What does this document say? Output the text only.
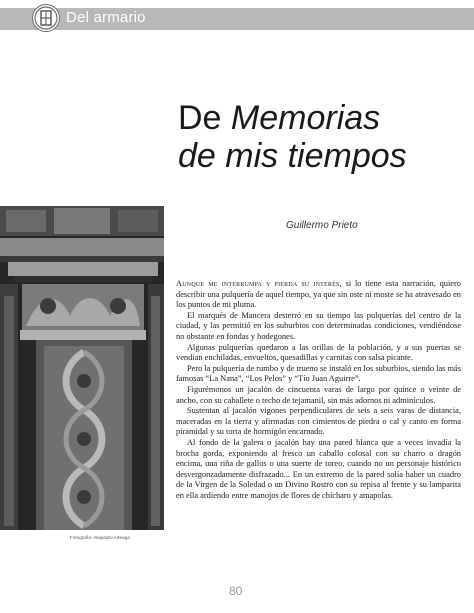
Del armario
De Memorias
de mis tiempos
Guillermo Prieto
Fotografía: Alejandro Arteaga

Aunque me interrumpa y pierda su interés, si lo tiene esta narración, quiero describir una pulquería de aquel tiempo, ya que sin oste ni moste se ha atravesado en los puntos de mi pluma.

El marqués de Mancera desterró en su tiempo las pulquerías del centro de la ciudad, y las permitió en los suburbios con determinadas condiciones, vendiéndose no obstante en fondas y bodegones.

Algunas pulquerías quedaron a las orillas de la población, y a sus puertas se vendían enchiladas, envueltos, quesadillas y carnitas con salsa picante.

Pero la pulquería de rumbo y de trueno se instaló en los suburbios, siendo las más famosas “La Nana”, “Los Pelos” y “Tío Juan Aguirre”.

Figurémonos un jacalón de cincuenta varas de largo por quince o veinte de ancho, con su caballete o techo de tejamanil, sin más adornos ni adminículos.

Sustentan al jacalón vigones perpendiculares de seis a seis varas de distancia, maceradas en la tierra y afirmadas con cimientos de piedra o cal y canto en forma piramidal y su torta de hormigón encarnado.

Al fondo de la galera o jacalón hay una pared blanca que a veces invadía la brocha gorda, exponiendo al fresco un caballo colosal con su charro o dragón encima, una riña de gallos o una suerte de toreo, cuando no un personaje histórico desvergonzadamente disfrazado... En un extremo de la pared solía haber un cuadro de la Virgen de la Soledad o un Divino Rostro con su repisa al frente y su lamparita en ella ardiendo entre manojos de flores de chícharo y amapolas.

80
